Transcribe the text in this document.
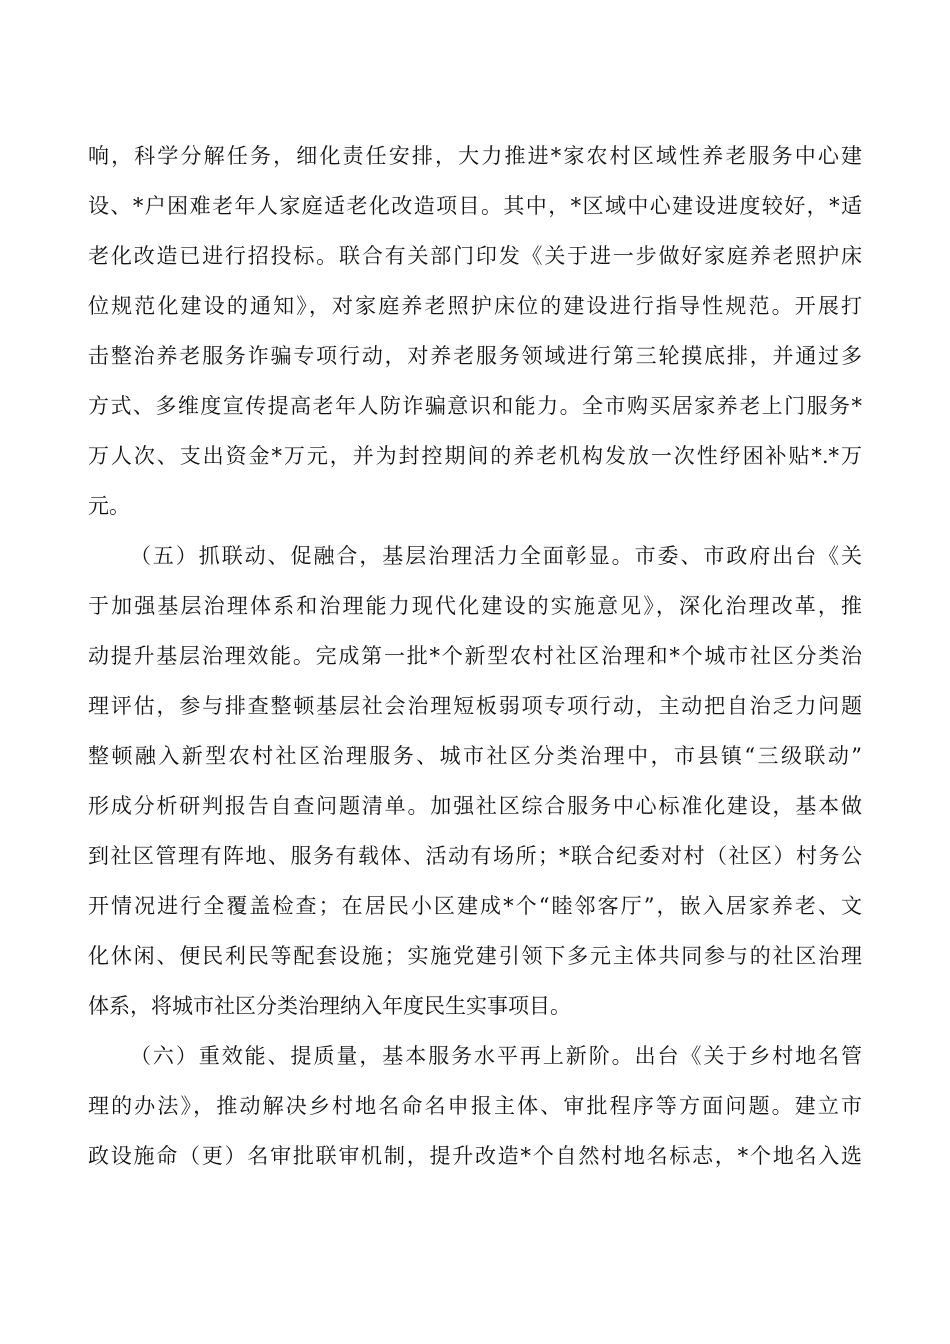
响，科学分解任务，细化责任安排，大力推进*家农村区域性养老服务中心建
设、*户困难老年人家庭适老化改造项目。其中，*区域中心建设进度较好，*适
老化改造已进行招投标。联合有关部门印发《关于进一步做好家庭养老照护床
位规范化建设的通知》，对家庭养老照护床位的建设进行指导性规范。开展打
击整治养老服务诈骗专项行动，对养老服务领域进行第三轮摸底排，并通过多
方式、多维度宣传提高老年人防诈骗意识和能力。全市购买居家养老上门服务*
万人次、支出资金*万元，并为封控期间的养老机构发放一次性纾困补贴*.*万
元。
（五）抓联动、促融合，基层治理活力全面彰显。市委、市政府出台《关
于加强基层治理体系和治理能力现代化建设的实施意见》，深化治理改革，推
动提升基层治理效能。完成第一批*个新型农村社区治理和*个城市社区分类治
理评估，参与排查整顿基层社会治理短板弱项专项行动，主动把自治乏力问题
整顿融入新型农村社区治理服务、城市社区分类治理中，市县镇“三级联动”
形成分析研判报告自查问题清单。加强社区综合服务中心标准化建设，基本做
到社区管理有阵地、服务有载体、活动有场所；*联合纪委对村（社区）村务公
开情况进行全覆盖检查；在居民小区建成*个“睦邻客厅”，嵌入居家养老、文
化休闲、便民利民等配套设施；实施党建引领下多元主体共同参与的社区治理
体系，将城市社区分类治理纳入年度民生实事项目。
（六）重效能、提质量，基本服务水平再上新阶。出台《关于乡村地名管
理的办法》，推动解决乡村地名命名申报主体、审批程序等方面问题。建立市
政设施命（更）名审批联审机制，提升改造*个自然村地名标志，*个地名入选
